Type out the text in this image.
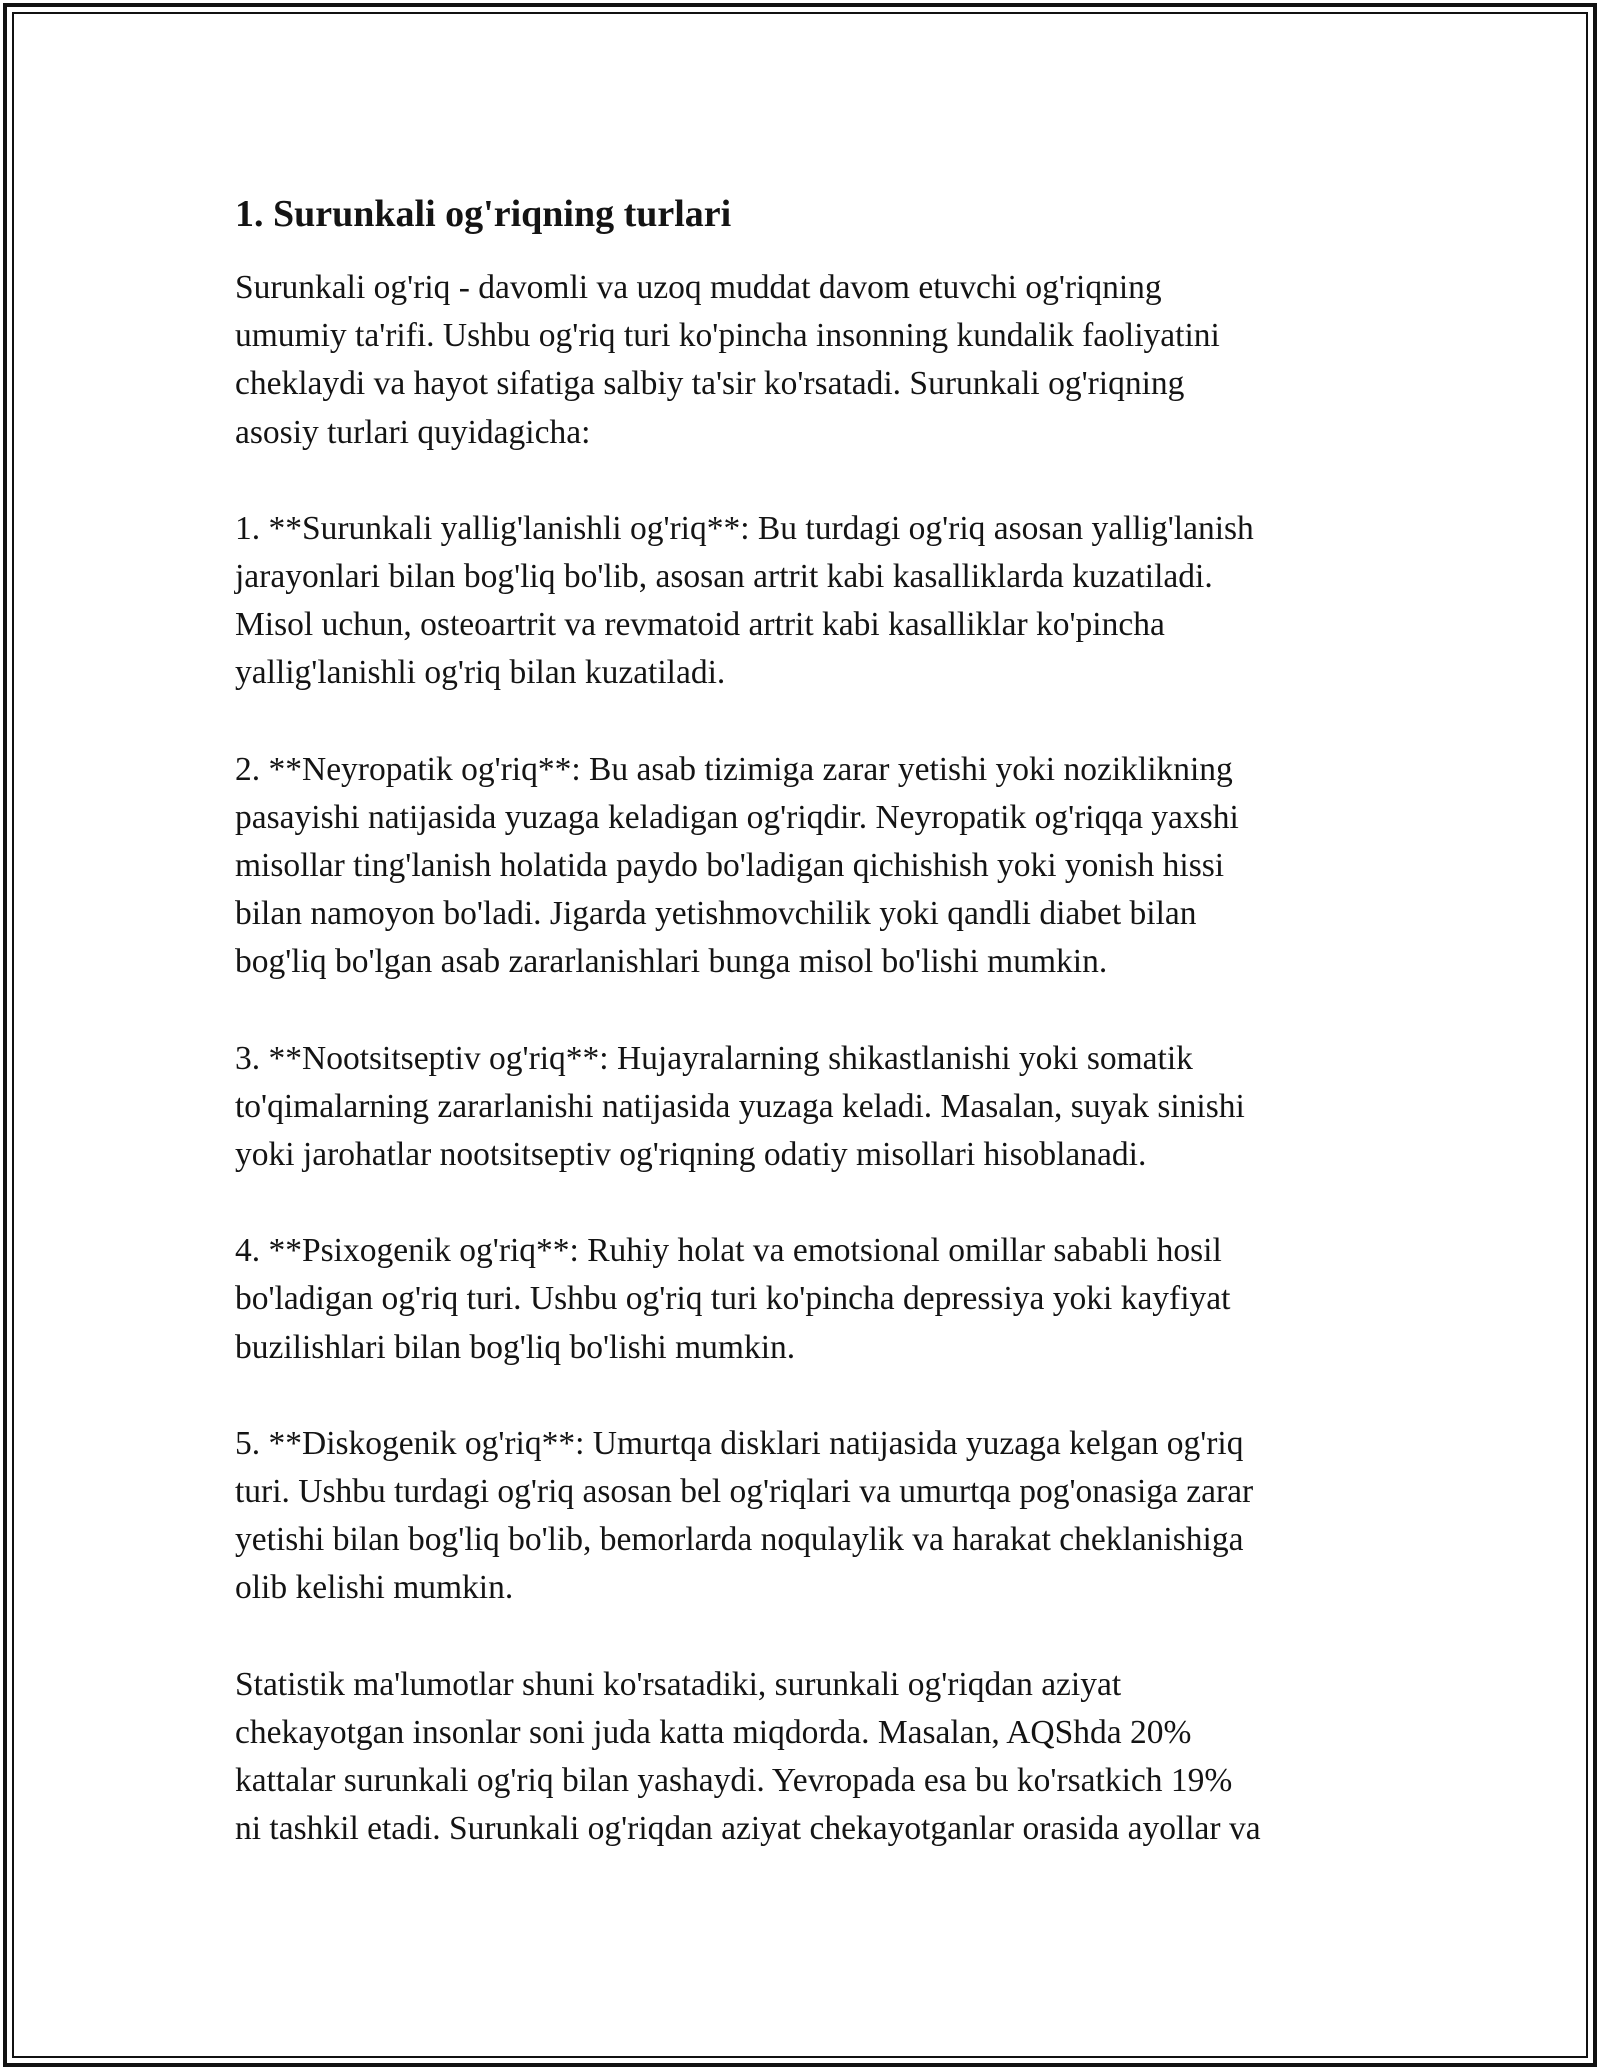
1. Surunkali og'riqning turlari

Surunkali og'riq - davomli va uzoq muddat davom etuvchi og'riqning
umumiy ta'rifi. Ushbu og'riq turi ko'pincha insonning kundalik faoliyatini
cheklaydi va hayot sifatiga salbiy ta'sir ko'rsatadi. Surunkali og'riqning
asosiy turlari quyidagicha:

1. **Surunkali yallig'lanishli og'riq**: Bu turdagi og'riq asosan yallig'lanish
jarayonlari bilan bog'liq bo'lib, asosan artrit kabi kasalliklarda kuzatiladi.
Misol uchun, osteoartrit va revmatoid artrit kabi kasalliklar ko'pincha
yallig'lanishli og'riq bilan kuzatiladi.

2. **Neyropatik og'riq**: Bu asab tizimiga zarar yetishi yoki noziklikning
pasayishi natijasida yuzaga keladigan og'riqdir. Neyropatik og'riqqa yaxshi
misollar ting'lanish holatida paydo bo'ladigan qichishish yoki yonish hissi
bilan namoyon bo'ladi. Jigarda yetishmovchilik yoki qandli diabet bilan
bog'liq bo'lgan asab zararlanishlari bunga misol bo'lishi mumkin.

3. **Nootsitseptiv og'riq**: Hujayralarning shikastlanishi yoki somatik
to'qimalarning zararlanishi natijasida yuzaga keladi. Masalan, suyak sinishi
yoki jarohatlar nootsitseptiv og'riqning odatiy misollari hisoblanadi.

4. **Psixogenik og'riq**: Ruhiy holat va emotsional omillar sababli hosil
bo'ladigan og'riq turi. Ushbu og'riq turi ko'pincha depressiya yoki kayfiyat
buzilishlari bilan bog'liq bo'lishi mumkin.

5. **Diskogenik og'riq**: Umurtqa disklari natijasida yuzaga kelgan og'riq
turi. Ushbu turdagi og'riq asosan bel og'riqlari va umurtqa pog'onasiga zarar
yetishi bilan bog'liq bo'lib, bemorlarda noqulaylik va harakat cheklanishiga
olib kelishi mumkin.

Statistik ma'lumotlar shuni ko'rsatadiki, surunkali og'riqdan aziyat
chekayotgan insonlar soni juda katta miqdorda. Masalan, AQShda 20%
kattalar surunkali og'riq bilan yashaydi. Yevropada esa bu ko'rsatkich 19%
ni tashkil etadi. Surunkali og'riqdan aziyat chekayotganlar orasida ayollar va
